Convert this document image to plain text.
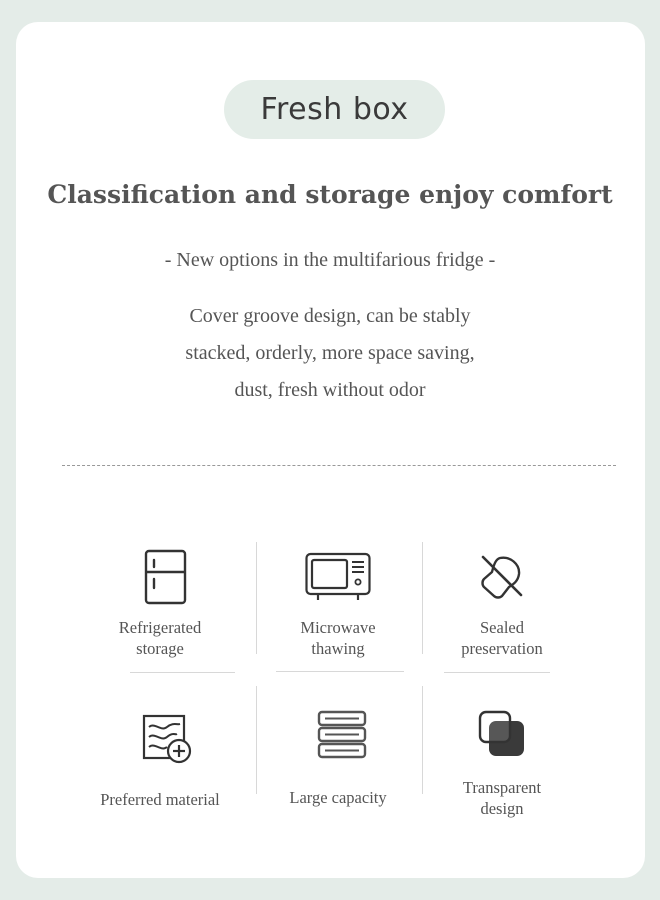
Fresh box
Classification and storage enjoy comfort
- New options in the multifarious fridge -
Cover groove design, can be stably
stacked, orderly, more space saving,
dust, fresh without odor
Refrigerated
storage
Microwave
thawing
Sealed
preservation
Preferred material	Large capacity
Transparent
design
